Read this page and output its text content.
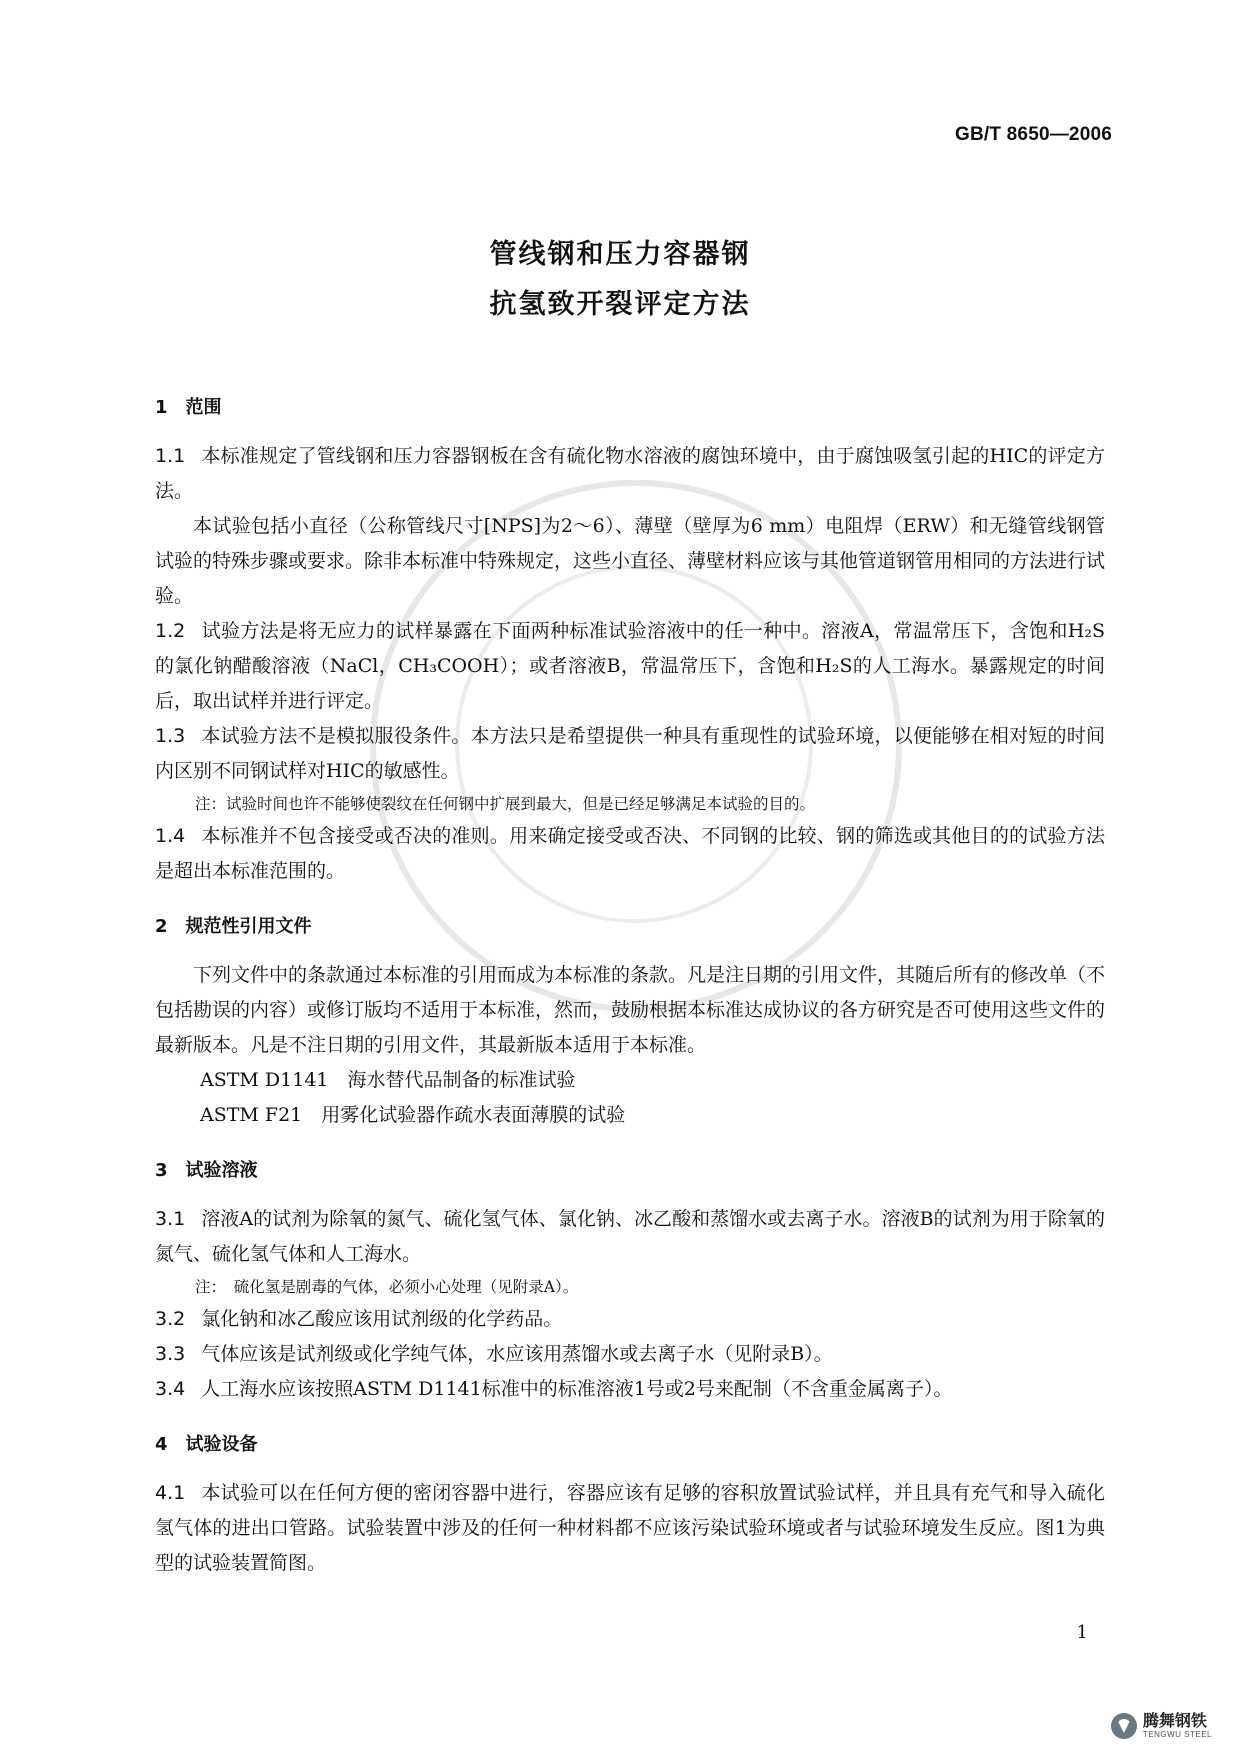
GB/T 8650—2006
管线钢和压力容器钢
抗氢致开裂评定方法

1　范围

1.1 本标准规定了管线钢和压力容器钢板在含有硫化物水溶液的腐蚀环境中，由于腐蚀吸氢引起的HIC的评定方法。

本试验包括小直径（公称管线尺寸[NPS]为2～6）、薄壁（壁厚为6 mm）电阻焊（ERW）和无缝管线钢管试验的特殊步骤或要求。除非本标准中特殊规定，这些小直径、薄壁材料应该与其他管道钢管用相同的方法进行试验。

1.2 试验方法是将无应力的试样暴露在下面两种标准试验溶液中的任一种中。溶液A，常温常压下，含饱和H₂S的氯化钠醋酸溶液（NaCl，CH₃COOH）；或者溶液B，常温常压下，含饱和H₂S的人工海水。暴露规定的时间后，取出试样并进行评定。

1.3 本试验方法不是模拟服役条件。本方法只是希望提供一种具有重现性的试验环境，以便能够在相对短的时间内区别不同钢试样对HIC的敏感性。

注：试验时间也许不能够使裂纹在任何钢中扩展到最大，但是已经足够满足本试验的目的。

1.4 本标准并不包含接受或否决的准则。用来确定接受或否决、不同钢的比较、钢的筛选或其他目的的试验方法是超出本标准范围的。

2　规范性引用文件

下列文件中的条款通过本标准的引用而成为本标准的条款。凡是注日期的引用文件，其随后所有的修改单（不包括勘误的内容）或修订版均不适用于本标准，然而，鼓励根据本标准达成协议的各方研究是否可使用这些文件的最新版本。凡是不注日期的引用文件，其最新版本适用于本标准。

ASTM D1141　海水替代品制备的标准试验

ASTM F21　用雾化试验器作疏水表面薄膜的试验

3　试验溶液

3.1 溶液A的试剂为除氧的氮气、硫化氢气体、氯化钠、冰乙酸和蒸馏水或去离子水。溶液B的试剂为用于除氧的氮气、硫化氢气体和人工海水。

注：　硫化氢是剧毒的气体，必须小心处理（见附录A）。

3.2 氯化钠和冰乙酸应该用试剂级的化学药品。

3.3 气体应该是试剂级或化学纯气体，水应该用蒸馏水或去离子水（见附录B）。

3.4 人工海水应该按照ASTM D1141标准中的标准溶液1号或2号来配制（不含重金属离子）。

4　试验设备

4.1 本试验可以在任何方便的密闭容器中进行，容器应该有足够的容积放置试验试样，并且具有充气和导入硫化氢气体的进出口管路。试验装置中涉及的任何一种材料都不应该污染试验环境或者与试验环境发生反应。图1为典型的试验装置简图。

1
腾舞钢铁
TENGWU STEEL
